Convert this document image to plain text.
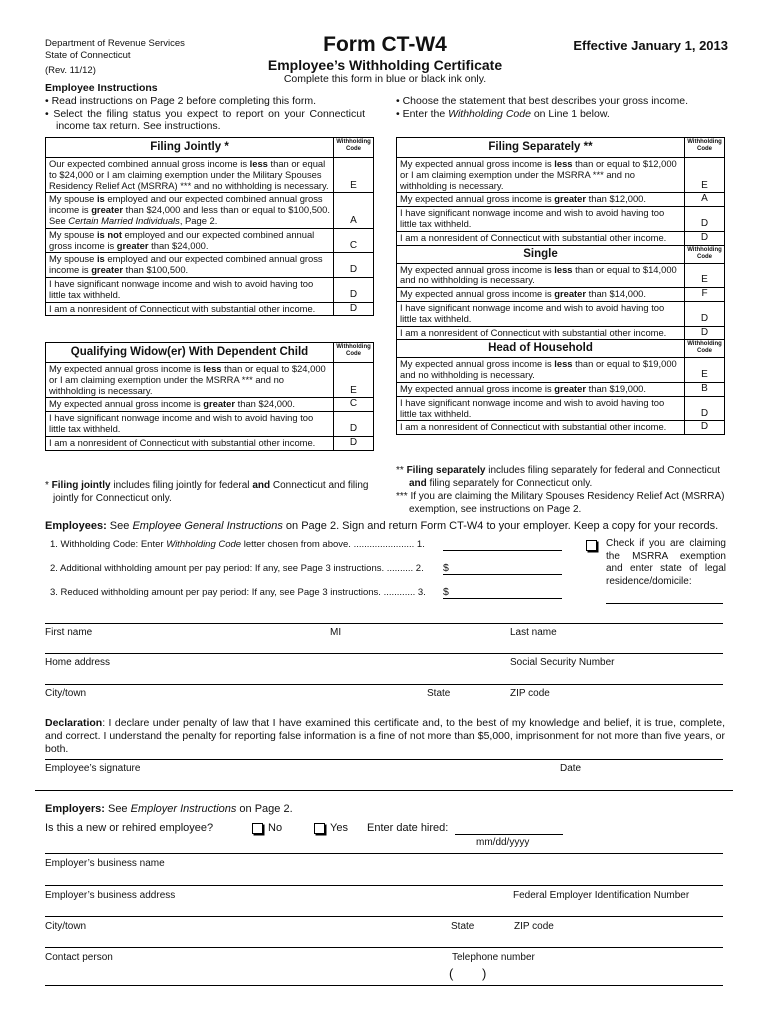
Department of Revenue Services
State of Connecticut
(Rev. 11/12)
Form CT-W4
Employee’s Withholding Certificate
Complete this form in blue or black ink only.
Effective January 1, 2013
Employee Instructions
• Read instructions on Page 2 before completing this form.
• Select the filing status you expect to report on your Connecticut income tax return. See instructions.
• Choose the statement that best describes your gross income.
• Enter the Withholding Code on Line 1 below.
Filing Jointly *	Withholding Code
Our expected combined annual gross income is less than or equal to $24,000 or I am claiming exemption under the Military Spouses Residency Relief Act (MSRRA) *** and no withholding is necessary.	E
My spouse is employed and our expected combined annual gross income is greater than $24,000 and less than or equal to $100,500. See Certain Married Individuals, Page 2.	A
My spouse is not employed and our expected combined annual gross income is greater than $24,000.	C
My spouse is employed and our expected combined annual gross income is greater than $100,500.	D
I have significant nonwage income and wish to avoid having too little tax withheld.	D
I am a nonresident of Connecticut with substantial other income.	D
Qualifying Widow(er) With Dependent Child	Withholding Code
My expected annual gross income is less than or equal to $24,000 or I am claiming exemption under the MSRRA *** and no withholding is necessary.	E
My expected annual gross income is greater than $24,000.	C
I have significant nonwage income and wish to avoid having too little tax withheld.	D
I am a nonresident of Connecticut with substantial other income.	D
Filing Separately **	Withholding Code
My expected annual gross income is less than or equal to $12,000 or I am claiming exemption under the MSRRA *** and no withholding is necessary.	E
My expected annual gross income is greater than $12,000.	A
I have significant nonwage income and wish to avoid having too little tax withheld.	D
I am a nonresident of Connecticut with substantial other income.	D
Single	Withholding Code
My expected annual gross income is less than or equal to $14,000 and no withholding is necessary.	E
My expected annual gross income is greater than $14,000.	F
I have significant nonwage income and wish to avoid having too little tax withheld.	D
I am a nonresident of Connecticut with substantial other income.	D
Head of Household	Withholding Code
My expected annual gross income is less than or equal to $19,000 and no withholding is necessary.	E
My expected annual gross income is greater than $19,000.	B
I have significant nonwage income and wish to avoid having too little tax withheld.	D
I am a nonresident of Connecticut with substantial other income.	D
* Filing jointly includes filing jointly for federal and Connecticut and filing jointly for Connecticut only.
** Filing separately includes filing separately for federal and Connecticut and filing separately for Connecticut only.
*** If you are claiming the Military Spouses Residency Relief Act (MSRRA) exemption, see instructions on Page 2.
Employees: See Employee General Instructions on Page 2. Sign and return Form CT-W4 to your employer. Keep a copy for your records.
1. Withholding Code: Enter Withholding Code letter chosen from above. ....................... 1.
2. Additional withholding amount per pay period: If any, see Page 3 instructions. .......... 2. $
3. Reduced withholding amount per pay period: If any, see Page 3 instructions. ............ 3. $
Check if you are claiming the MSRRA exemption and enter state of legal residence/domicile:
First name	MI	Last name
Home address	Social Security Number
City/town	State	ZIP code
Declaration: I declare under penalty of law that I have examined this certificate and, to the best of my knowledge and belief, it is true, complete, and correct. I understand the penalty for reporting false information is a fine of not more than $5,000, imprisonment for not more than five years, or both.
Employee’s signature	Date
Employers: See Employer Instructions on Page 2.
Is this a new or rehired employee?	No	Yes Enter date hired:
mm/dd/yyyy
Employer’s business name
Employer’s business address	Federal Employer Identification Number
City/town	State	ZIP code
Contact person	Telephone number
( )
